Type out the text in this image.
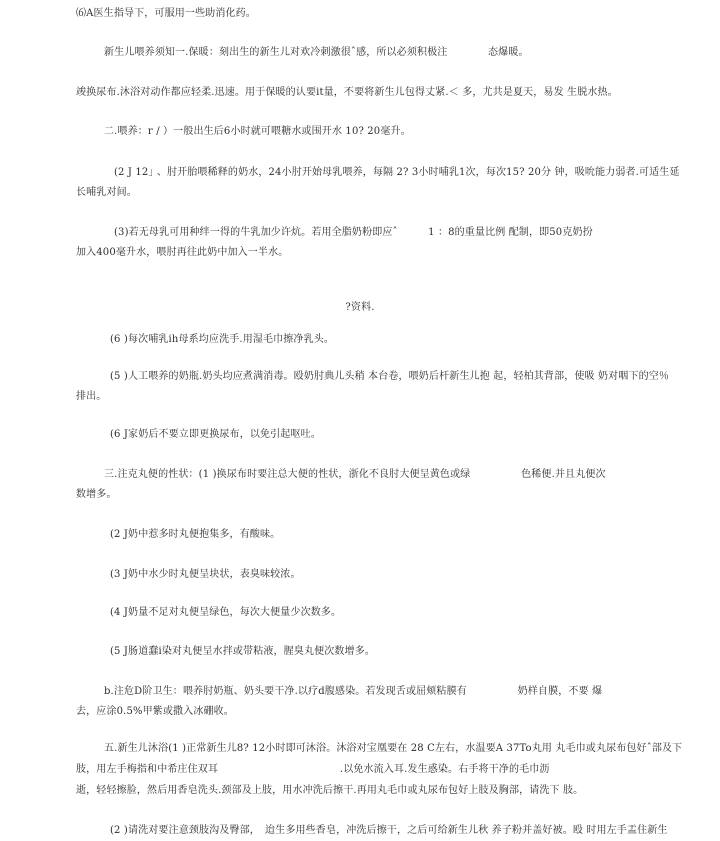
⑹A医生指导下，可服用一些助消化药。
新生儿喂养须知一.保暖：刻出生的新生儿对欢冷刺激很ˆ感，所以必须积极注　　　　态爆暖。
竣换尿布.沐浴对动作都应轻柔.迅速。用于保暖的认要it量，不要将新生儿包得丈紧.＜ 多，尤共是夏天，易发 生脱水热。
二.喂养：r / ）一般出生后6小时就可喂糖水或围开水 10? 20毫升。
(2 J 12｣ 、肘开胎喂稀释的奶水，24小肘开始母乳喂养，每隔 2? 3小时哺乳1次，每次15? 20分 钟，吸吮能力弱者.可适生延
长哺乳对间。
(3)若无母乳可用种绊一得的牛乳加少许炕。若用全脂奶粉即应ˆ　　　1 ：8的重量比例 配制，即50克奶扮
加入400毫升水，喂肘再往此奶中加入一半水。
?资料.
(6 )每次哺乳ih母系均应洗手.用湿毛巾擦净乳头。
(5 )人工喂养的奶瓶.奶头均应煮满消毒。殴奶肘典儿头稍 本台卷，喂奶后杆新生儿抱 起，轻柏其背部，使吸 奶对咽下的空％
排出。
(6 J家奶后不要立即更换尿布，以免引起呕吐。
三.注克丸便的性状：(1 )换尿布时要注总大便的性状，浙化不良肘大便呈黄色或绿　　　　　色稀便.并且丸便次
数增多。
(2 J奶中惹多时丸便抱集多，有酸味。
(3 J奶中水少时丸便呈块状，表臭味较浓。
(4 J奶量不足对丸便呈绿色，每次大便量少次数多。
(5 J肠道蠢i染对丸便呈水拌或带粘液，腥臭丸便次数增多。
b.注危D阶卫生：喂养肘奶瓶、奶头要干净.以疗d腹感染。若发现舌或屈颊粘膜有　　　　　奶样自膜，不要 爆
去，应涂0.5%甲紫或撒入冰硼收。
五.新生儿沐浴(1 )正常新生儿8? 12小时即可沐浴。沐浴对宝凰要在 28 C左右，水温要A 37To丸用 丸毛巾或丸尿布包好ˆ部及下
肢，用左手梅指和中希庄住双耳　　　　　　　　　　　　.以免水流入耳.发生惑染。右手将干净的毛巾沥
逝，轻轻擦脸，然后用香皂洗头.颈部及上肢，用水冲洗后擦干.再用丸毛巾或丸尿布包好上肢及胸部，请洗下 肢。
(2 )请洗对要注意颈肢沟及臀部，　迨生多用些香皂，冲洗后擦干，之后可给新生儿秋 养子粉并盖好被。殴 时用左手盂住新生
